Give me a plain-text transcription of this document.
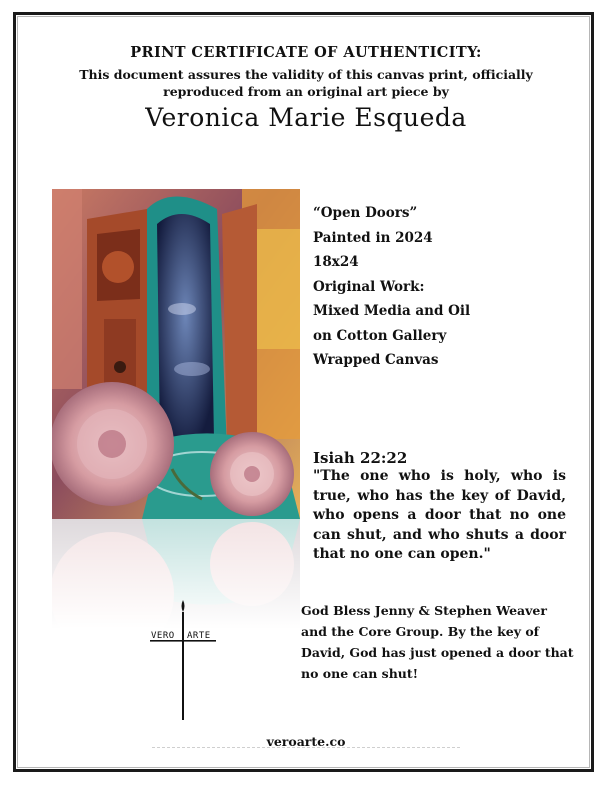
PRINT CERTIFICATE OF AUTHENTICITY:
This document assures the validity of this canvas print, officially
reproduced from an original art piece by
Veronica Marie Esqueda
“Open Doors”
Painted in 2024
18x24
Original Work:
Mixed Media and Oil
on Cotton Gallery
Wrapped Canvas
Isiah 22:22
"The one who is holy, who is true, who has the key of David, who opens a door that no one can shut, and who shuts a door that no one can open."
God Bless Jenny & Stephen Weaver and the Core Group. By the key of David, God has just opened a door that no one can shut!
VERO ARTE
veroarte.co
